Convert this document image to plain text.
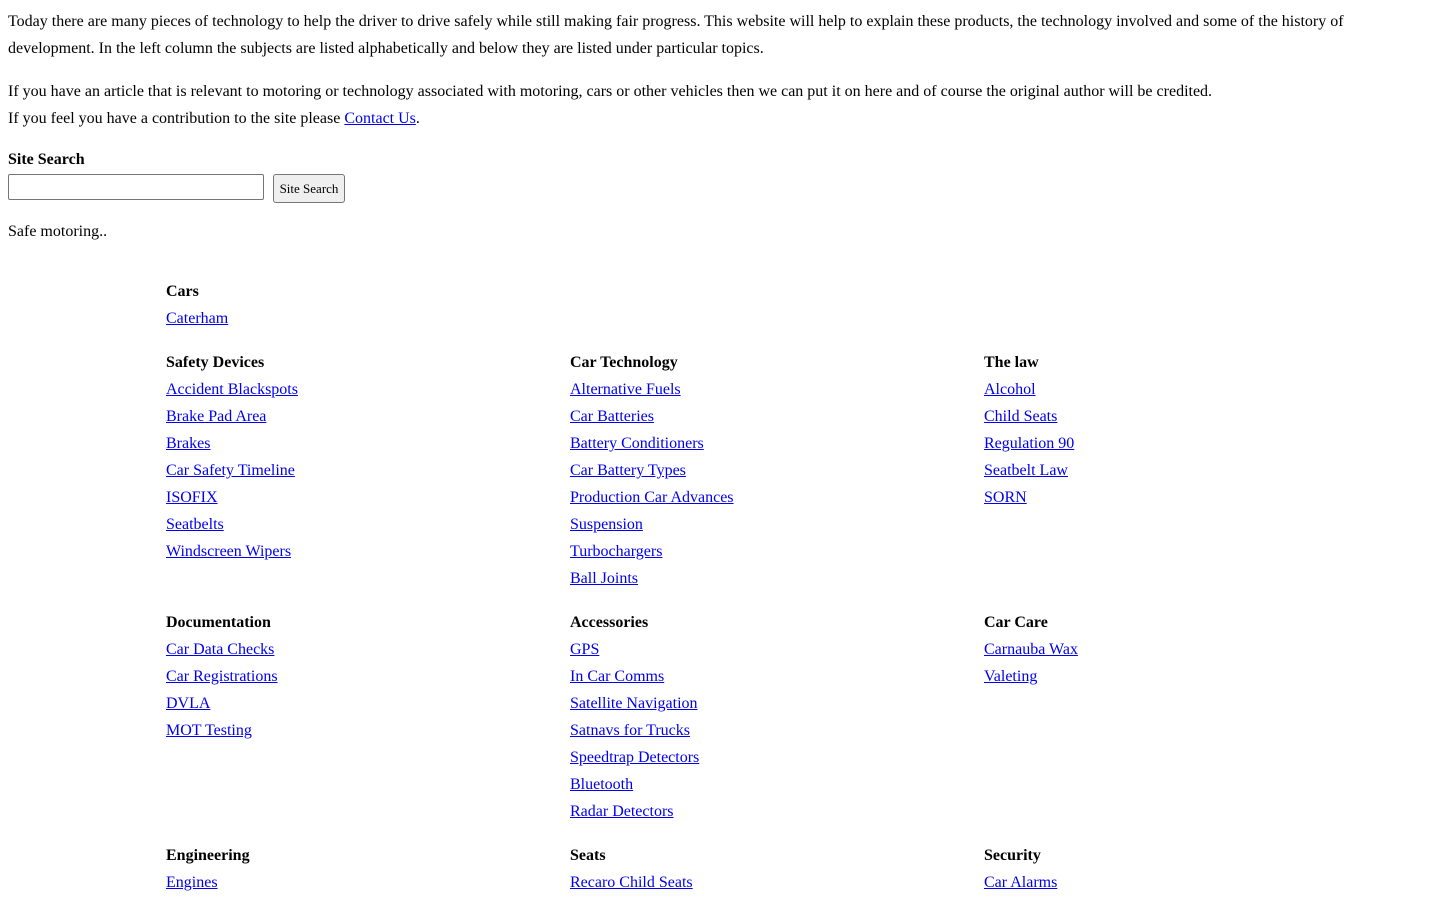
Today there are many pieces of technology to help the driver to drive safely while still making fair progress. This website will help to explain these products, the technology involved and some of the history of development. In the left column the subjects are listed alphabetically and below they are listed under particular topics.

If you have an article that is relevant to motoring or technology associated with motoring, cars or other vehicles then we can put it on here and of course the original author will be credited.
If you feel you have a contribution to the site please Contact Us.

Site Search
Site Search

Safe motoring..

Cars
Caterham
Safety Devices
Accident Blackspots
Brake Pad Area
Brakes
Car Safety Timeline
ISOFIX
Seatbelts
Windscreen Wipers
Car Technology
Alternative Fuels
Car Batteries
Battery Conditioners
Car Battery Types
Production Car Advances
Suspension
Turbochargers
Ball Joints
The law
Alcohol
Child Seats
Regulation 90
Seatbelt Law
SORN
Documentation
Car Data Checks
Car Registrations
DVLA
MOT Testing
Accessories
GPS
In Car Comms
Satellite Navigation
Satnavs for Trucks
Speedtrap Detectors
Bluetooth
Radar Detectors
Car Care
Carnauba Wax
Valeting
Engineering
Engines
Seats
Recaro Child Seats
Security
Car Alarms
